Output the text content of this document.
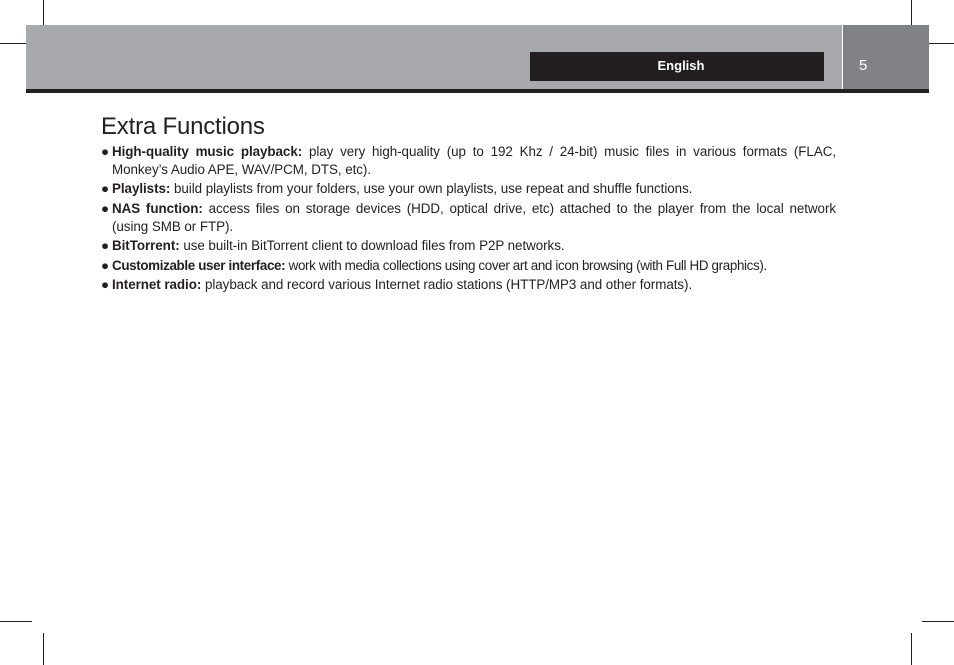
English	5
Extra Functions
● High-quality music playback: play very high-quality (up to 192 Khz / 24-bit) music files in various formats (FLAC, Monkey’s Audio APE, WAV/PCM, DTS, etc).
● Playlists: build playlists from your folders, use your own playlists, use repeat and shuffle functions.
● NAS function: access files on storage devices (HDD, optical drive, etc) attached to the player from the local network (using SMB or FTP).
● BitTorrent: use built-in BitTorrent client to download files from P2P networks.
● Customizable user interface: work with media collections using cover art and icon browsing (with Full HD graphics).
● Internet radio: playback and record various Internet radio stations (HTTP/MP3 and other formats).
